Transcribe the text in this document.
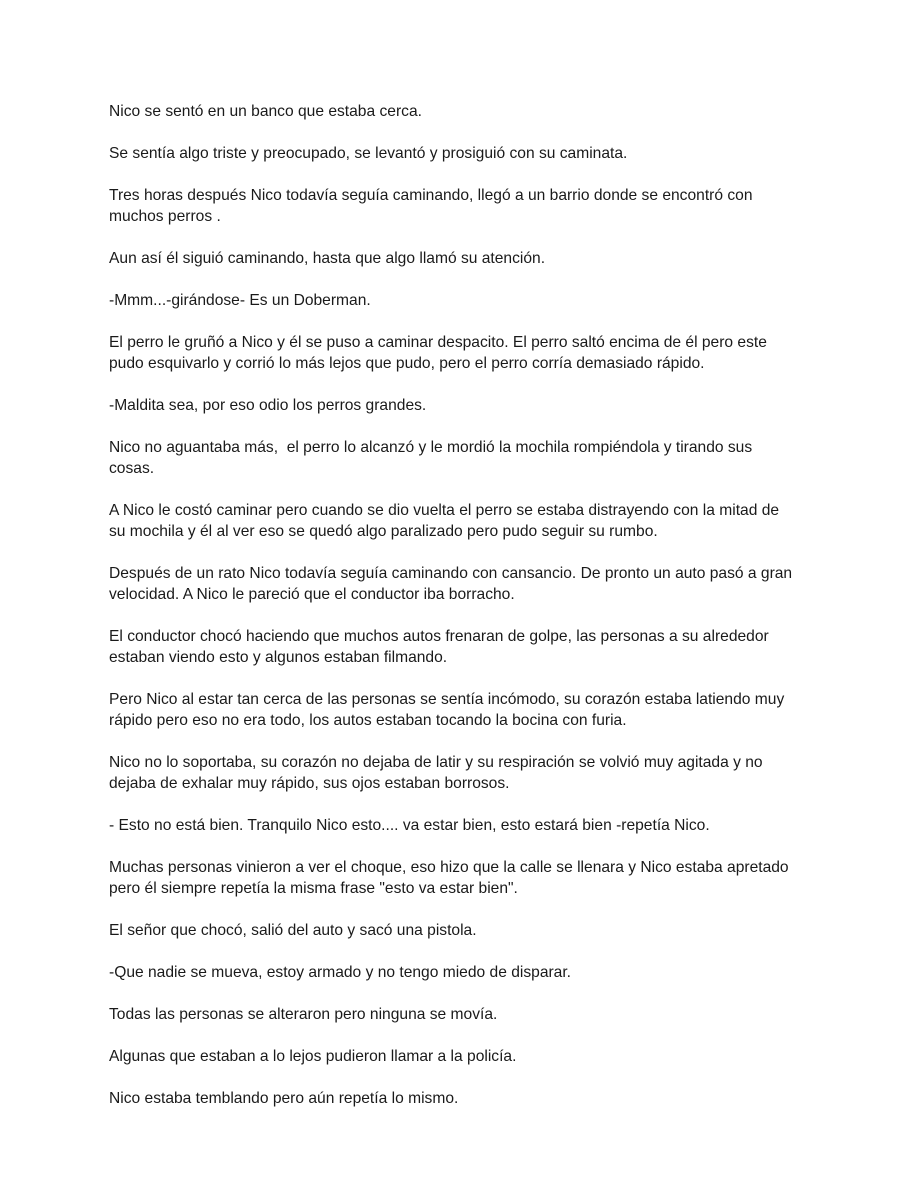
Nico se sentó en un banco que estaba cerca.

Se sentía algo triste y preocupado, se levantó y prosiguió con su caminata.

Tres horas después Nico todavía seguía caminando, llegó a un barrio donde se encontró con muchos perros .

Aun así él siguió caminando, hasta que algo llamó su atención.

-Mmm...-girándose- Es un Doberman.

El perro le gruñó a Nico y él se puso a caminar despacito. El perro saltó encima de él pero este pudo esquivarlo y corrió lo más lejos que pudo, pero el perro corría demasiado rápido.

-Maldita sea, por eso odio los perros grandes.

Nico no aguantaba más,  el perro lo alcanzó y le mordió la mochila rompiéndola y tirando sus cosas.

A Nico le costó caminar pero cuando se dio vuelta el perro se estaba distrayendo con la mitad de su mochila y él al ver eso se quedó algo paralizado pero pudo seguir su rumbo.

Después de un rato Nico todavía seguía caminando con cansancio. De pronto un auto pasó a gran velocidad. A Nico le pareció que el conductor iba borracho.

El conductor chocó haciendo que muchos autos frenaran de golpe, las personas a su alrededor estaban viendo esto y algunos estaban filmando.

Pero Nico al estar tan cerca de las personas se sentía incómodo, su corazón estaba latiendo muy rápido pero eso no era todo, los autos estaban tocando la bocina con furia.

Nico no lo soportaba, su corazón no dejaba de latir y su respiración se volvió muy agitada y no dejaba de exhalar muy rápido, sus ojos estaban borrosos.

- Esto no está bien. Tranquilo Nico esto.... va estar bien, esto estará bien -repetía Nico.

Muchas personas vinieron a ver el choque, eso hizo que la calle se llenara y Nico estaba apretado pero él siempre repetía la misma frase "esto va estar bien".

El señor que chocó, salió del auto y sacó una pistola.

-Que nadie se mueva, estoy armado y no tengo miedo de disparar.

Todas las personas se alteraron pero ninguna se movía.

Algunas que estaban a lo lejos pudieron llamar a la policía.

Nico estaba temblando pero aún repetía lo mismo.
